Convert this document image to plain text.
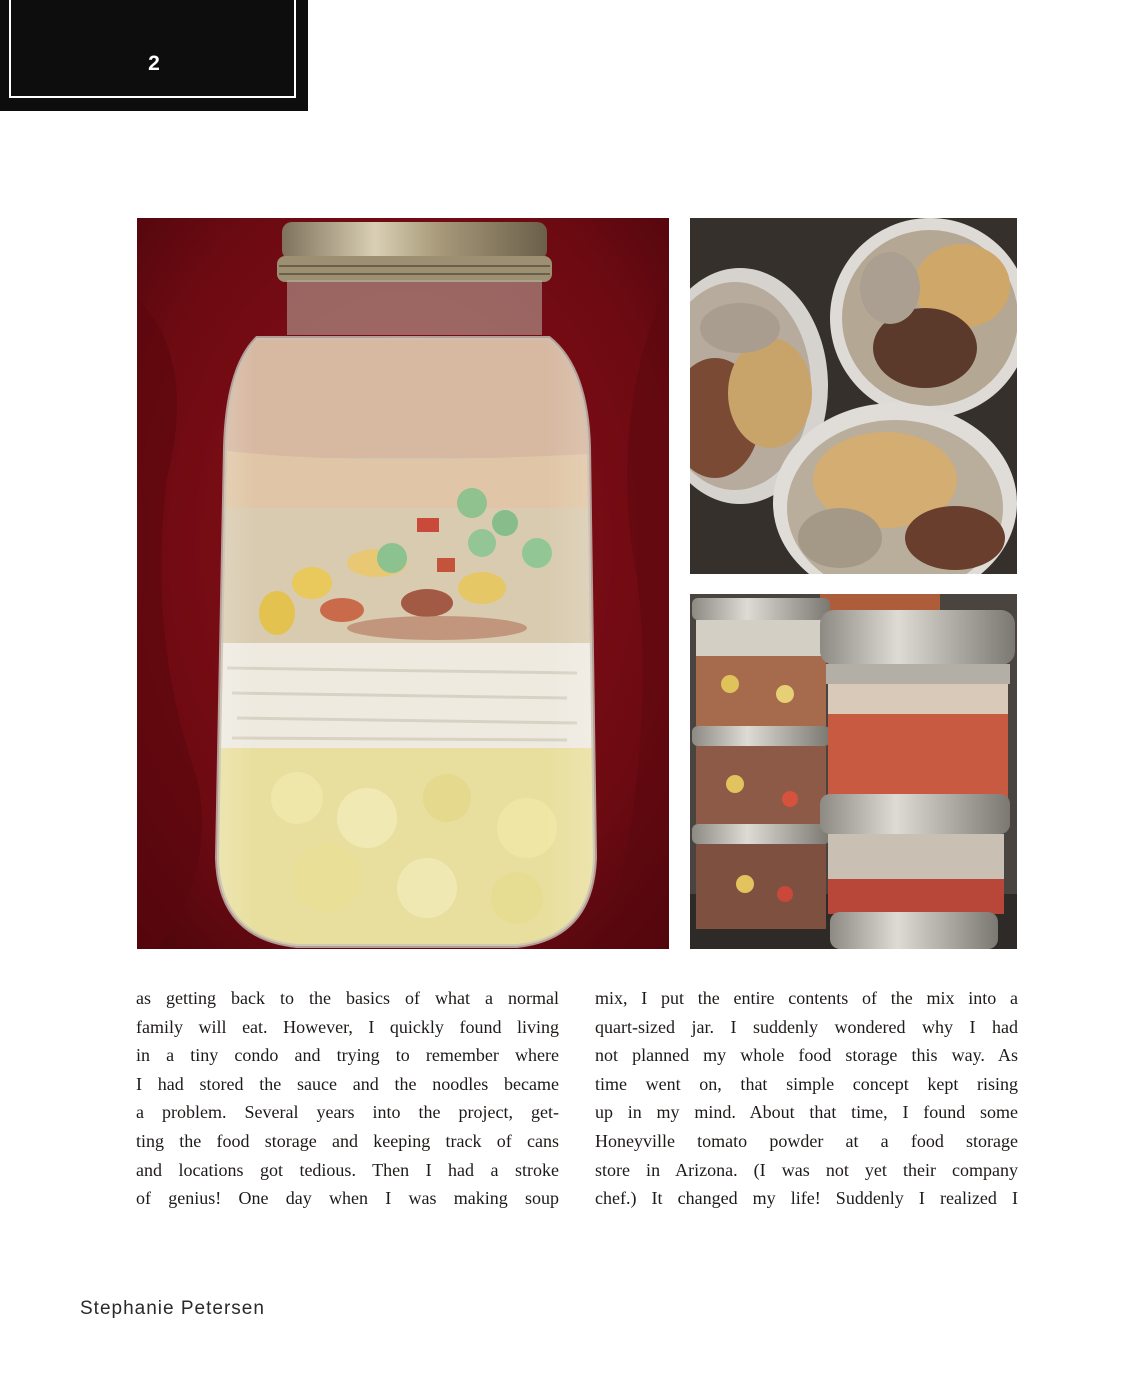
2
as getting back to the basics of what a normal
family will eat. However, I quickly found living
in a tiny condo and trying to remember where
I had stored the sauce and the noodles became
a problem. Several years into the project, get-
ting the food storage and keeping track of cans
and locations got tedious. Then I had a stroke
of genius! One day when I was making soup
mix, I put the entire contents of the mix into a
quart-sized jar. I suddenly wondered why I had
not planned my whole food storage this way. As
time went on, that simple concept kept rising
up in my mind. About that time, I found some
Honeyville tomato powder at a food storage
store in Arizona. (I was not yet their company
chef.) It changed my life! Suddenly I realized I
Stephanie Petersen
